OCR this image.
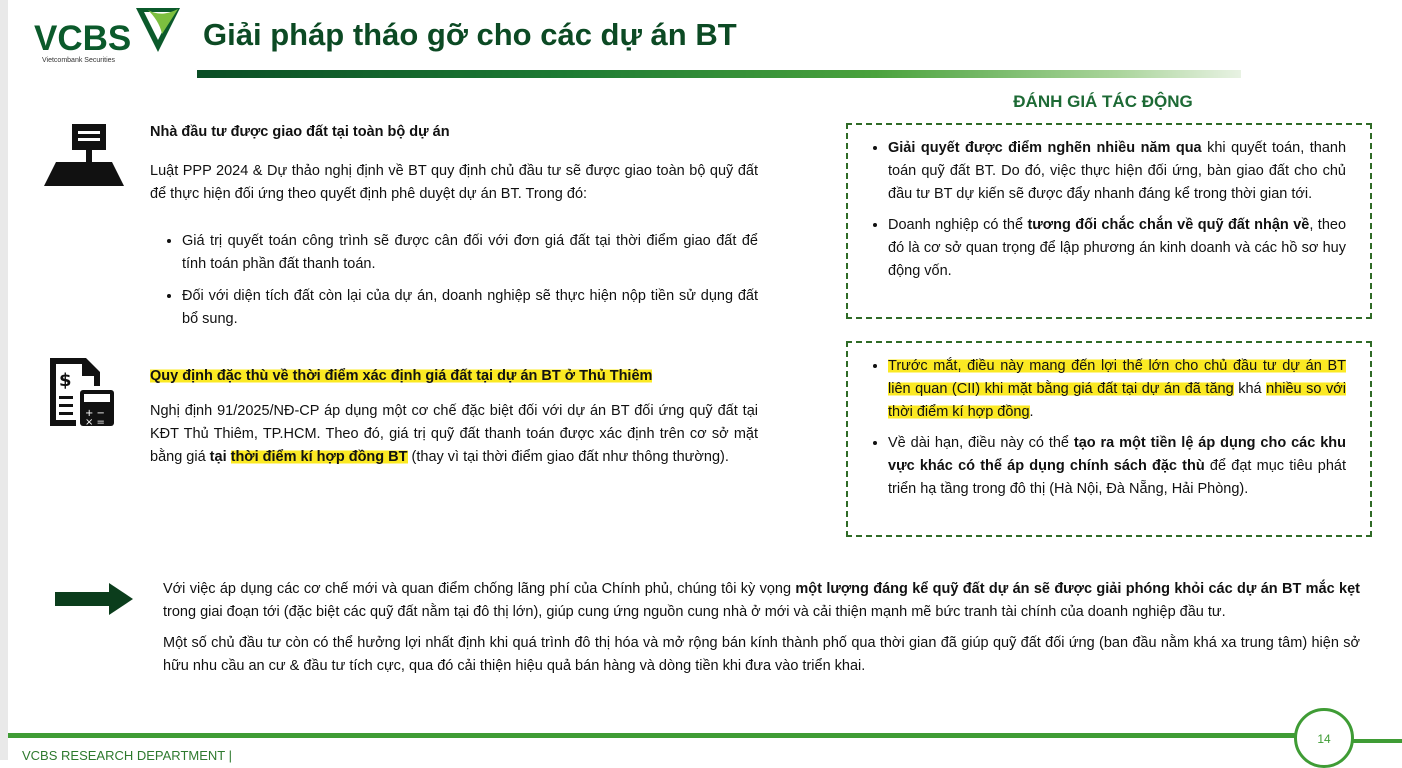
VCBS
Vietcombank Securities
Giải pháp tháo gỡ cho các dự án BT
Nhà đầu tư được giao đất tại toàn bộ dự án

Luật PPP 2024 & Dự thảo nghị định về BT quy định chủ đầu tư sẽ được giao toàn bộ quỹ đất để thực hiện đối ứng theo quyết định phê duyệt dự án BT. Trong đó:

• Giá trị quyết toán công trình sẽ được cân đối với đơn giá đất tại thời điểm giao đất để tính toán phần đất thanh toán.
• Đối với diện tích đất còn lại của dự án, doanh nghiệp sẽ thực hiện nộp tiền sử dụng đất bổ sung.
$
+ −
× =
Quy định đặc thù về thời điểm xác định giá đất tại dự án BT ở Thủ Thiêm

Nghị định 91/2025/NĐ-CP áp dụng một cơ chế đặc biệt đối với dự án BT đối ứng quỹ đất tại KĐT Thủ Thiêm, TP.HCM. Theo đó, giá trị quỹ đất thanh toán được xác định trên cơ sở mặt bằng giá tại thời điểm kí hợp đồng BT (thay vì tại thời điểm giao đất như thông thường).

ĐÁNH GIÁ TÁC ĐỘNG
• Giải quyết được điểm nghẽn nhiều năm qua khi quyết toán, thanh toán quỹ đất BT. Do đó, việc thực hiện đối ứng, bàn giao đất cho chủ đầu tư BT dự kiến sẽ được đẩy nhanh đáng kể trong thời gian tới.
• Doanh nghiệp có thể tương đối chắc chắn về quỹ đất nhận về, theo đó là cơ sở quan trọng để lập phương án kinh doanh và các hồ sơ huy động vốn.
• Trước mắt, điều này mang đến lợi thế lớn cho chủ đầu tư dự án BT liên quan (CII) khi mặt bằng giá đất tại dự án đã tăng khá nhiều so với thời điểm kí hợp đồng.
• Về dài hạn, điều này có thể tạo ra một tiền lệ áp dụng cho các khu vực khác có thể áp dụng chính sách đặc thù để đạt mục tiêu phát triển hạ tầng trong đô thị (Hà Nội, Đà Nẵng, Hải Phòng).

Với việc áp dụng các cơ chế mới và quan điểm chống lãng phí của Chính phủ, chúng tôi kỳ vọng một lượng đáng kể quỹ đất dự án sẽ được giải phóng khỏi các dự án BT mắc kẹt trong giai đoạn tới (đặc biệt các quỹ đất nằm tại đô thị lớn), giúp cung ứng nguồn cung nhà ở mới và cải thiện mạnh mẽ bức tranh tài chính của doanh nghiệp đầu tư.

Một số chủ đầu tư còn có thể hưởng lợi nhất định khi quá trình đô thị hóa và mở rộng bán kính thành phố qua thời gian đã giúp quỹ đất đối ứng (ban đầu nằm khá xa trung tâm) hiện sở hữu nhu cầu an cư & đầu tư tích cực, qua đó cải thiện hiệu quả bán hàng và dòng tiền khi đưa vào triển khai.

VCBS RESEARCH DEPARTMENT |
14
